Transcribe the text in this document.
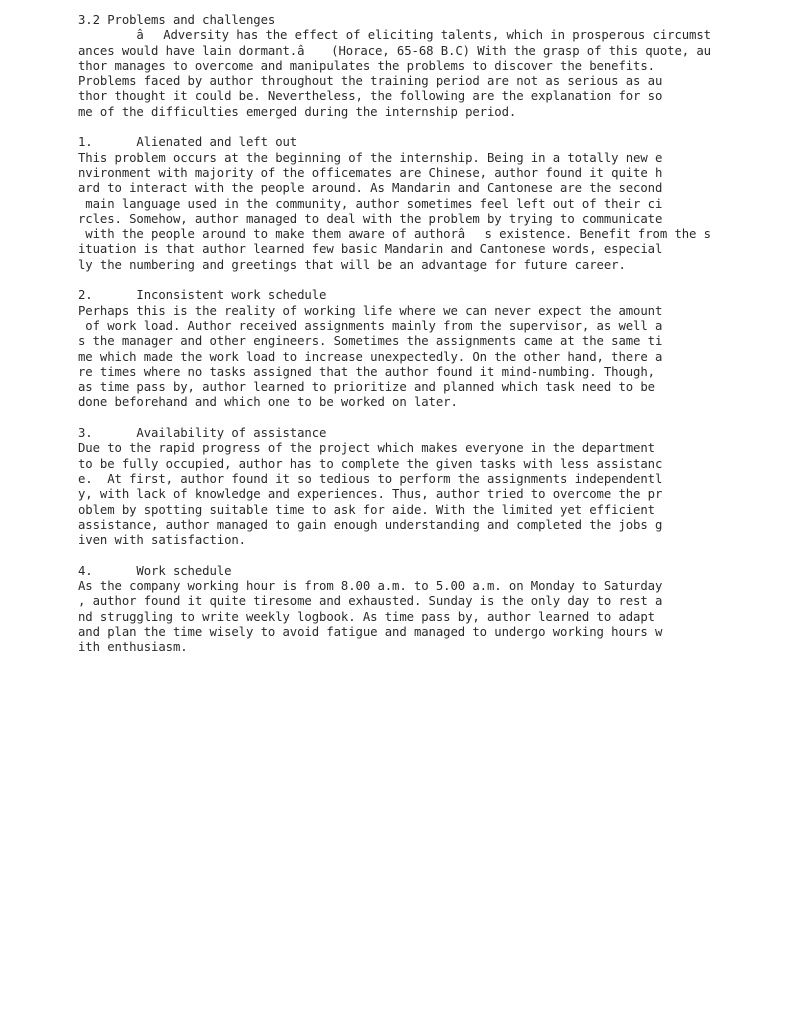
3.2 Problems and challenges
âAdversity has the effect of eliciting talents, which in prosperous circumst
ances would have lain dormant.â (Horace, 65-68 B.C) With the grasp of this quote, au
thor manages to overcome and manipulates the problems to discover the benefits.
Problems faced by author throughout the training period are not as serious as au
thor thought it could be. Nevertheless, the following are the explanation for so
me of the difficulties emerged during the internship period.
1.      Alienated and left out
This problem occurs at the beginning of the internship. Being in a totally new e
nvironment with majority of the officemates are Chinese, author found it quite h
ard to interact with the people around. As Mandarin and Cantonese are the second
main language used in the community, author sometimes feel left out of their ci
rcles. Somehow, author managed to deal with the problem by trying to communicate
with the people around to make them aware of authorâs existence. Benefit from the s
ituation is that author learned few basic Mandarin and Cantonese words, especial
ly the numbering and greetings that will be an advantage for future career.
2.      Inconsistent work schedule
Perhaps this is the reality of working life where we can never expect the amount
of work load. Author received assignments mainly from the supervisor, as well a
s the manager and other engineers. Sometimes the assignments came at the same ti
me which made the work load to increase unexpectedly. On the other hand, there a
re times where no tasks assigned that the author found it mind-numbing. Though,
as time pass by, author learned to prioritize and planned which task need to be
done beforehand and which one to be worked on later.
3.      Availability of assistance
Due to the rapid progress of the project which makes everyone in the department
to be fully occupied, author has to complete the given tasks with less assistanc
e.  At first, author found it so tedious to perform the assignments independentl
y, with lack of knowledge and experiences. Thus, author tried to overcome the pr
oblem by spotting suitable time to ask for aide. With the limited yet efficient
assistance, author managed to gain enough understanding and completed the jobs g
iven with satisfaction.
4.      Work schedule
As the company working hour is from 8.00 a.m. to 5.00 a.m. on Monday to Saturday
, author found it quite tiresome and exhausted. Sunday is the only day to rest a
nd struggling to write weekly logbook. As time pass by, author learned to adapt
and plan the time wisely to avoid fatigue and managed to undergo working hours w
ith enthusiasm.
